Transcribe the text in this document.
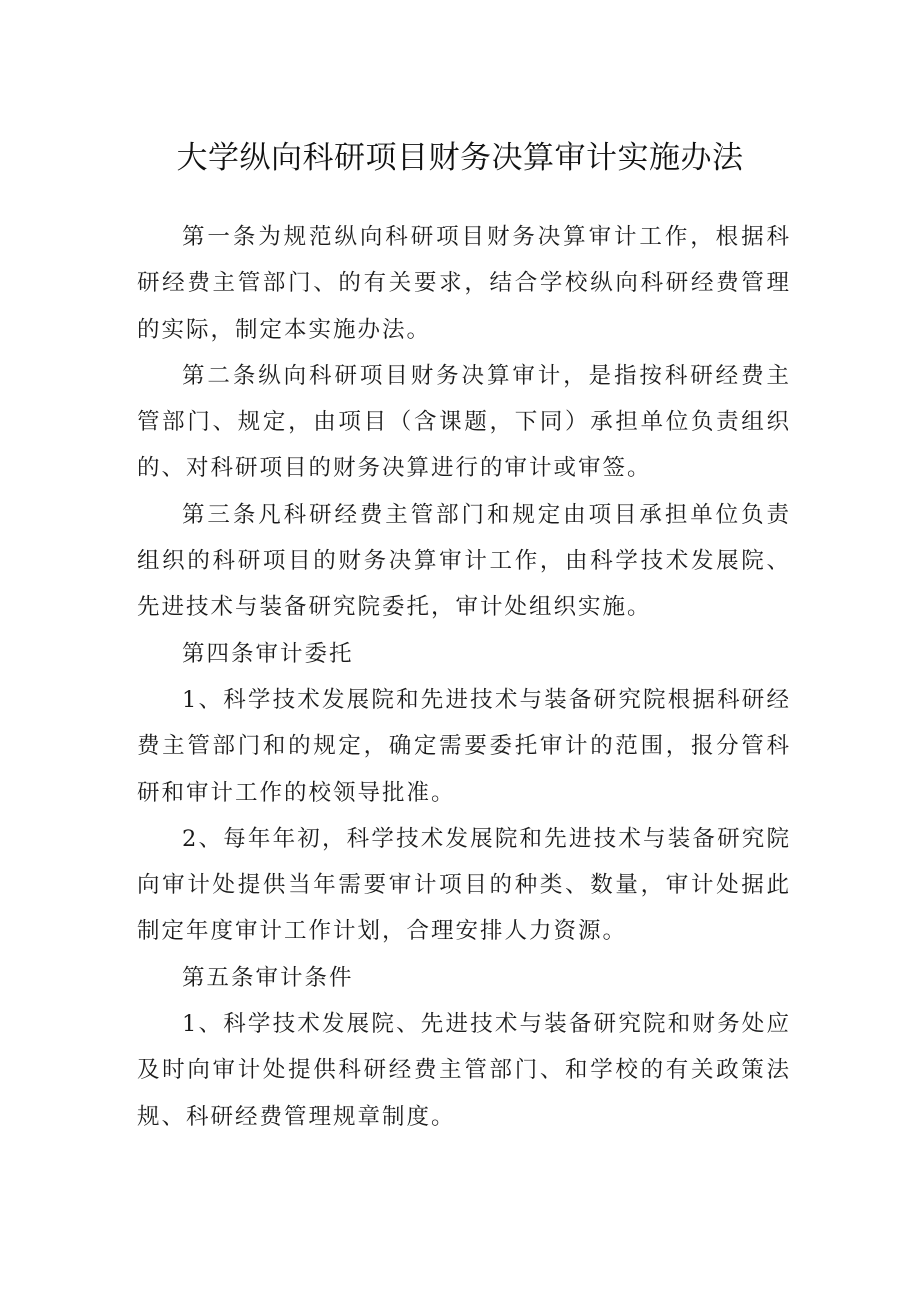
大学纵向科研项目财务决算审计实施办法

第一条为规范纵向科研项目财务决算审计工作，根据科研经费主管部门、的有关要求，结合学校纵向科研经费管理的实际，制定本实施办法。

第二条纵向科研项目财务决算审计，是指按科研经费主管部门、规定，由项目（含课题，下同）承担单位负责组织的、对科研项目的财务决算进行的审计或审签。

第三条凡科研经费主管部门和规定由项目承担单位负责组织的科研项目的财务决算审计工作，由科学技术发展院、先进技术与装备研究院委托，审计处组织实施。

第四条审计委托

1、科学技术发展院和先进技术与装备研究院根据科研经费主管部门和的规定，确定需要委托审计的范围，报分管科研和审计工作的校领导批准。

2、每年年初，科学技术发展院和先进技术与装备研究院向审计处提供当年需要审计项目的种类、数量，审计处据此制定年度审计工作计划，合理安排人力资源。

第五条审计条件

1、科学技术发展院、先进技术与装备研究院和财务处应及时向审计处提供科研经费主管部门、和学校的有关政策法规、科研经费管理规章制度。
